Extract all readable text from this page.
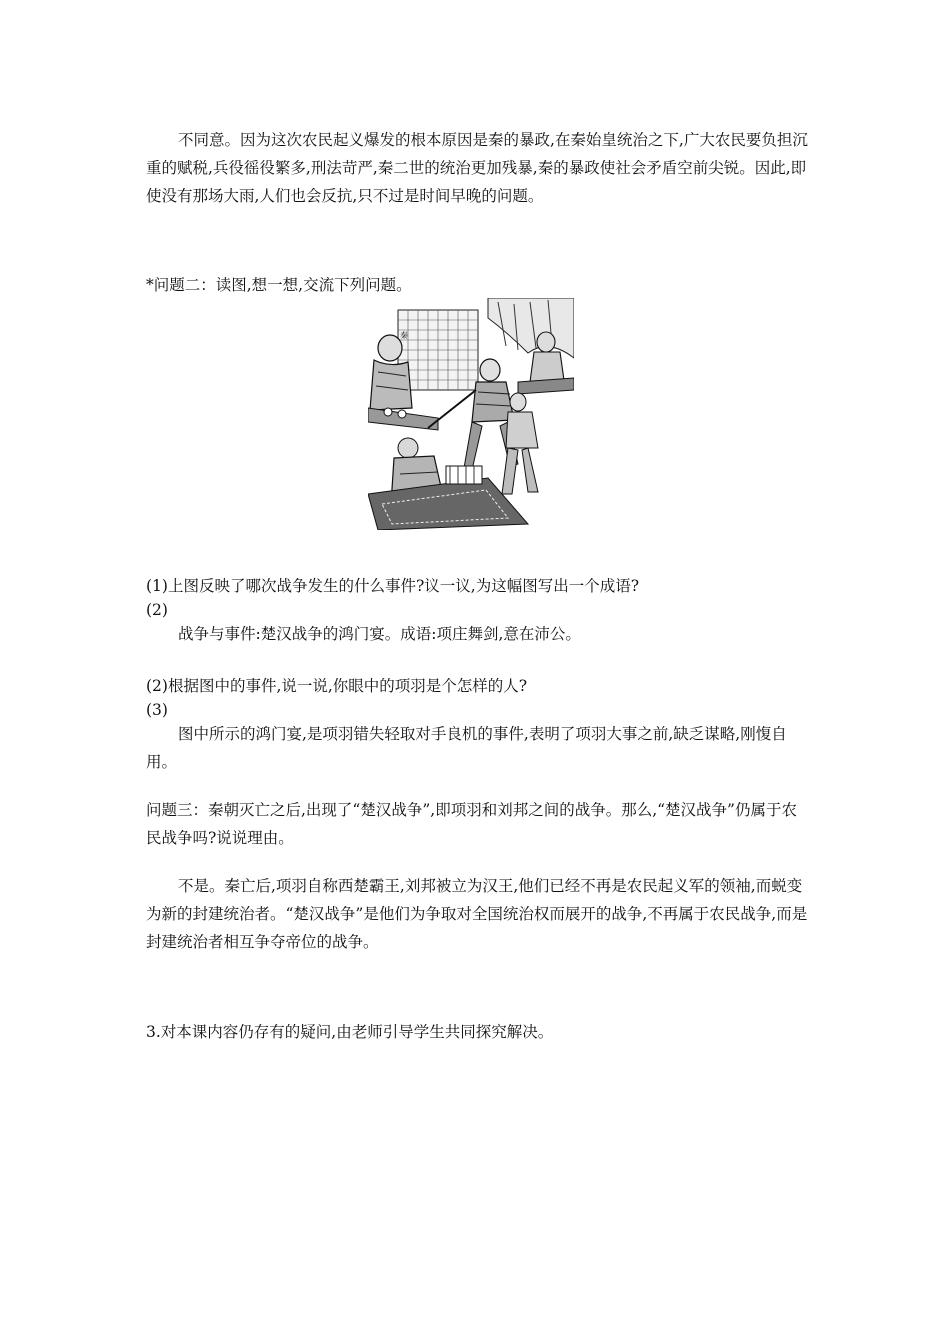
不同意。因为这次农民起义爆发的根本原因是秦的暴政,在秦始皇统治之下,广大农民要负担沉重的赋税,兵役徭役繁多,刑法苛严,秦二世的统治更加残暴,秦的暴政使社会矛盾空前尖锐。因此,即使没有那场大雨,人们也会反抗,只不过是时间早晚的问题。

*问题二：读图,想一想,交流下列问题。

秦

(1)上图反映了哪次战争发生的什么事件?议一议,为这幅图写出一个成语?

(2)

战争与事件:楚汉战争的鸿门宴。成语:项庄舞剑,意在沛公。

(2)根据图中的事件,说一说,你眼中的项羽是个怎样的人?

(3)

图中所示的鸿门宴,是项羽错失轻取对手良机的事件,表明了项羽大事之前,缺乏谋略,刚愎自用。

问题三：秦朝灭亡之后,出现了“楚汉战争”,即项羽和刘邦之间的战争。那么,“楚汉战争”仍属于农民战争吗?说说理由。

不是。秦亡后,项羽自称西楚霸王,刘邦被立为汉王,他们已经不再是农民起义军的领袖,而蜕变为新的封建统治者。“楚汉战争”是他们为争取对全国统治权而展开的战争,不再属于农民战争,而是封建统治者相互争夺帝位的战争。

3.对本课内容仍存有的疑问,由老师引导学生共同探究解决。
